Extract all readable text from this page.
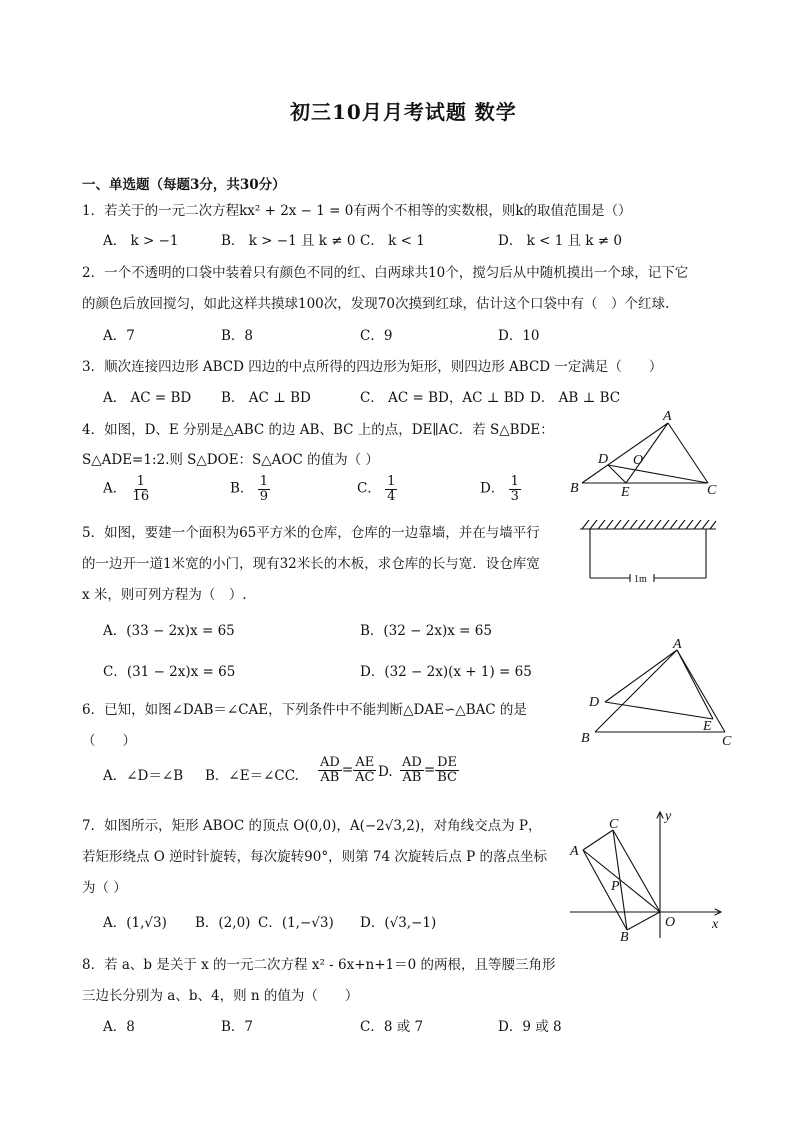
初三10月月考试题 数学
一、单选题（每题3分，共30分）
1．若关于的一元二次方程kx² + 2x − 1 = 0有两个不相等的实数根，则k的取值范围是（）
A． k > −1	B． k > −1 且 k ≠ 0 C． k < 1	D． k < 1 且 k ≠ 0
2．一个不透明的口袋中装着只有颜色不同的红、白两球共10个，搅匀后从中随机摸出一个球，记下它
的颜色后放回搅匀，如此这样共摸球100次，发现70次摸到红球，估计这个口袋中有（　）个红球.
A．7	B．8	C．9	D．10
3．顺次连接四边形 ABCD 四边的中点所得的四边形为矩形，则四边形 ABCD 一定满足（　　）
A． AC = BD B． AC ⊥ BD	C． AC = BD，AC ⊥ BD D． AB ⊥ BC
4．如图，D、E 分别是△ABC 的边 AB、BC 上的点，DE∥AC．若 S△BDE：
S△ADE=1:2.则 S△DOE：S△AOC 的值为（ ）
A． $\frac{1}{16}$	B． $\frac{1}{9}$	C． $\frac{1}{4}$	D． $\frac{1}{3}$
A
B	C
D
E
O
5．如图，要建一个面积为65平方米的仓库，仓库的一边靠墙，并在与墙平行
的一边开一道1米宽的小门，现有32米长的木板，求仓库的长与宽．设仓库宽
x 米，则可列方程为（　）.
A．(33 − 2x)x = 65	B．(32 − 2x)x = 65
C．(31 − 2x)x = 65	D．(32 − 2x)(x + 1) = 65
1m
6．已知，如图∠DAB＝∠CAE，下列条件中不能判断△DAE∽△BAC 的是
（　　）
A．∠D＝∠B B．∠E＝∠CC. $\frac{AD}{AB} = \frac{AE}{AC} D$. $\frac{AD}{AB} = \frac{DE}{BC}$
A
B	C
D
E
7．如图所示，矩形 ABOC 的顶点 O(0,0)，A(−2√3,2)，对角线交点为 P，
若矩形绕点 O 逆时针旋转，每次旋转90°，则第 74 次旋转后点 P 的落点坐标
为（ ）
A．(1,√3) B．(2,0) C．(1,−√3) D．(√3,−1)
y
x
A
C
P
B
O
8．若 a、b 是关于 x 的一元二次方程 x² - 6x+n+1＝0 的两根，且等腰三角形
三边长分别为 a、b、4，则 n 的值为（　　）
A．8	B．7	C．8 或 7	D．9 或 8
